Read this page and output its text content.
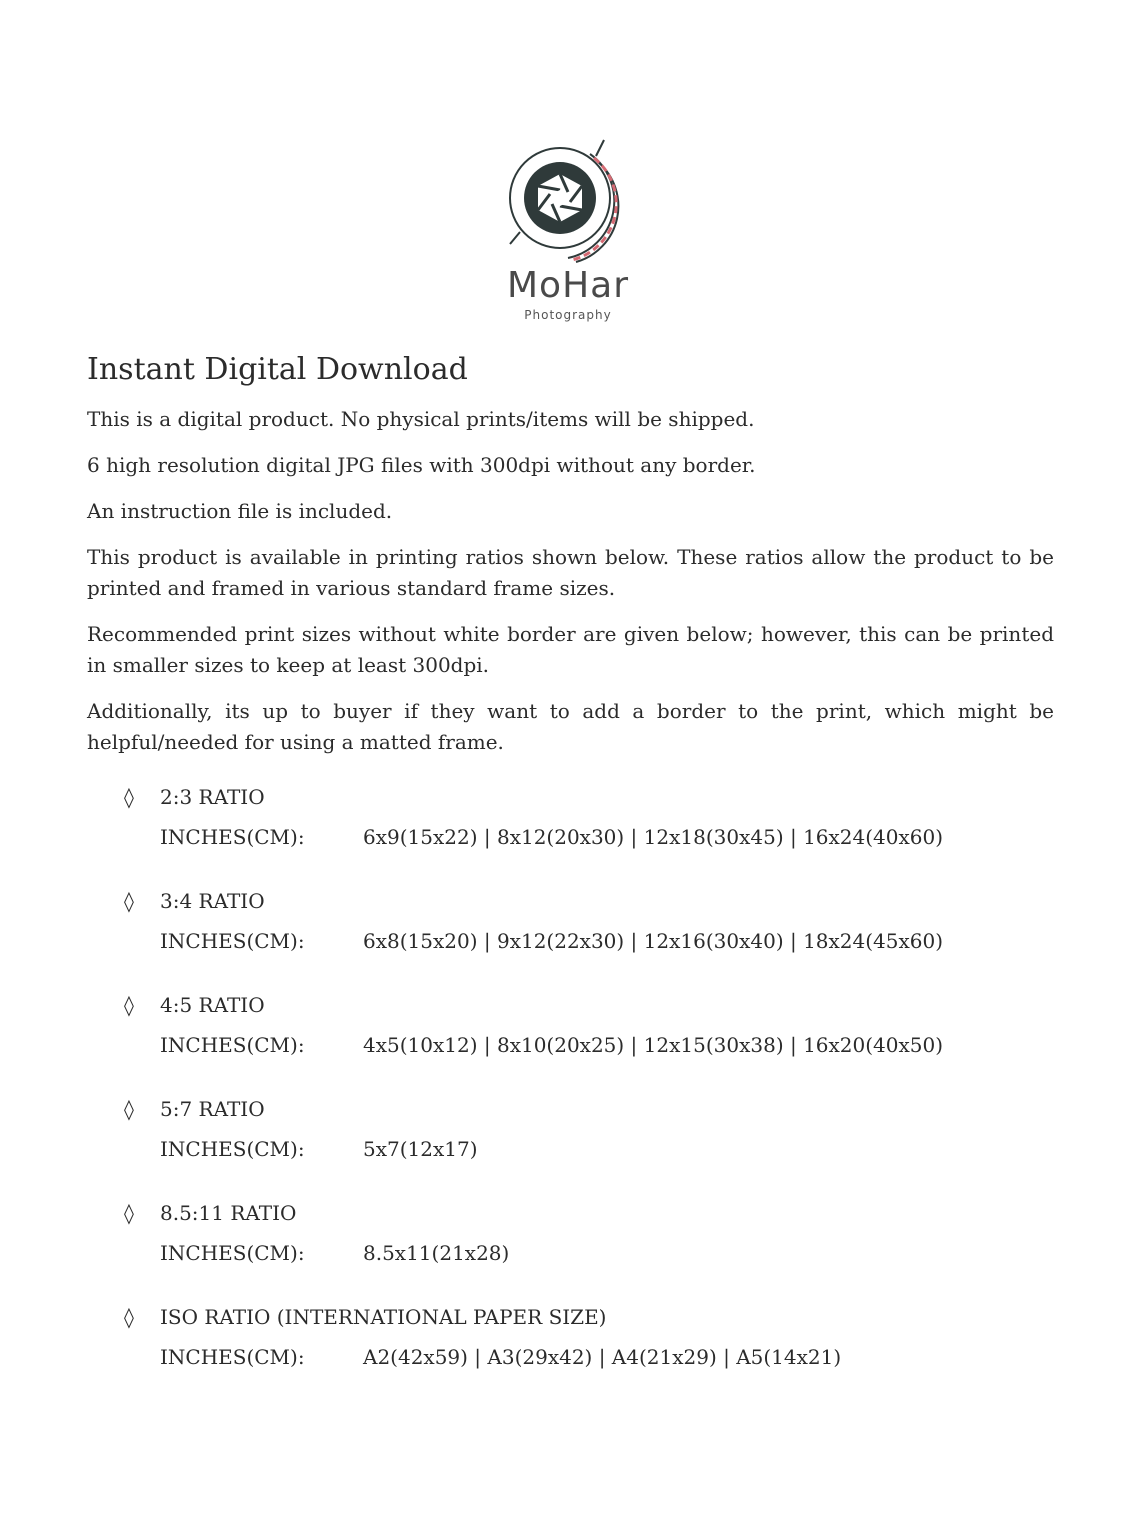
MoHar
Photography
Instant Digital Download

This is a digital product. No physical prints/items will be shipped.

6 high resolution digital JPG files with 300dpi without any border.

An instruction file is included.

This product is available in printing ratios shown below. These ratios allow the product to be printed and framed in various standard frame sizes.

Recommended print sizes without white border are given below; however, this can be printed in smaller sizes to keep at least 300dpi.

Additionally, its up to buyer if they want to add a border to the print, which might be helpful/needed for using a matted frame.

◊ 2:3 RATIO
INCHES(CM):	6x9(15x22) | 8x12(20x30) | 12x18(30x45) | 16x24(40x60)
◊ 3:4 RATIO
INCHES(CM):	6x8(15x20) | 9x12(22x30) | 12x16(30x40) | 18x24(45x60)
◊ 4:5 RATIO
INCHES(CM):	4x5(10x12) | 8x10(20x25) | 12x15(30x38) | 16x20(40x50)
◊ 5:7 RATIO
INCHES(CM):	5x7(12x17)
◊ 8.5:11 RATIO
INCHES(CM):	8.5x11(21x28)
◊ ISO RATIO (INTERNATIONAL PAPER SIZE)
INCHES(CM):	A2(42x59) | A3(29x42) | A4(21x29) | A5(14x21)
